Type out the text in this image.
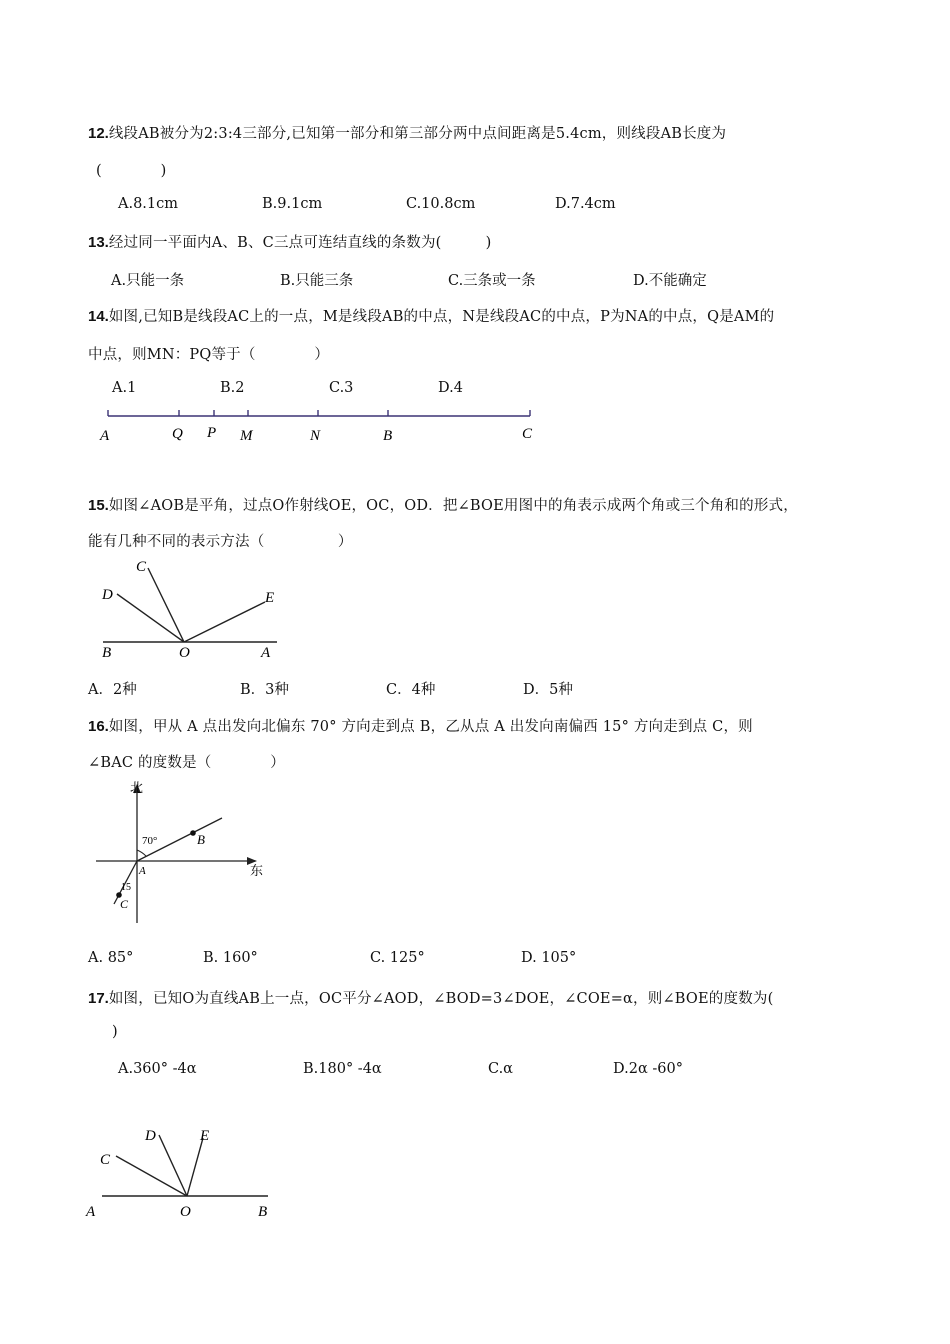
12.线段AB被分为2:3:4三部分,已知第一部分和第三部分两中点间距离是5.4cm，则线段AB长度为
(　　　　)
A.8.1cm	B.9.1cm	C.10.8cm	D.7.4cm
13.经过同一平面内A、B、C三点可连结直线的条数为(　　　)
A.只能一条	B.只能三条	C.三条或一条	D.不能确定
14.如图,已知B是线段AC上的一点，M是线段AB的中点，N是线段AC的中点，P为NA的中点，Q是AM的
中点，则MN：PQ等于（　　　　）
A.1	B.2	C.3	D.4
A	Q P M	N	B	C
15.如图∠AOB是平角，过点O作射线OE，OC，OD．把∠BOE用图中的角表示成两个角或三个角和的形式，
能有几种不同的表示方法（　　　　　）
C
D	E
B	O	A
A．2种	B．3种	C．4种	D．5种
16.如图，甲从 A 点出发向北偏东 70° 方向走到点 B，乙从点 A 出发向南偏西 15° 方向走到点 C，则
∠BAC 的度数是（　　　　）
北
东
70°
15
A
B
C
A. 85°	B. 160°	C. 125°	D. 105°
17.如图，已知O为直线AB上一点，OC平分∠AOD，∠BOD=3∠DOE，∠COE=α，则∠BOE的度数为(
)
A.360° -4α	B.180° -4α	C.α	D.2α -60°
D	E
C
A	O	B
